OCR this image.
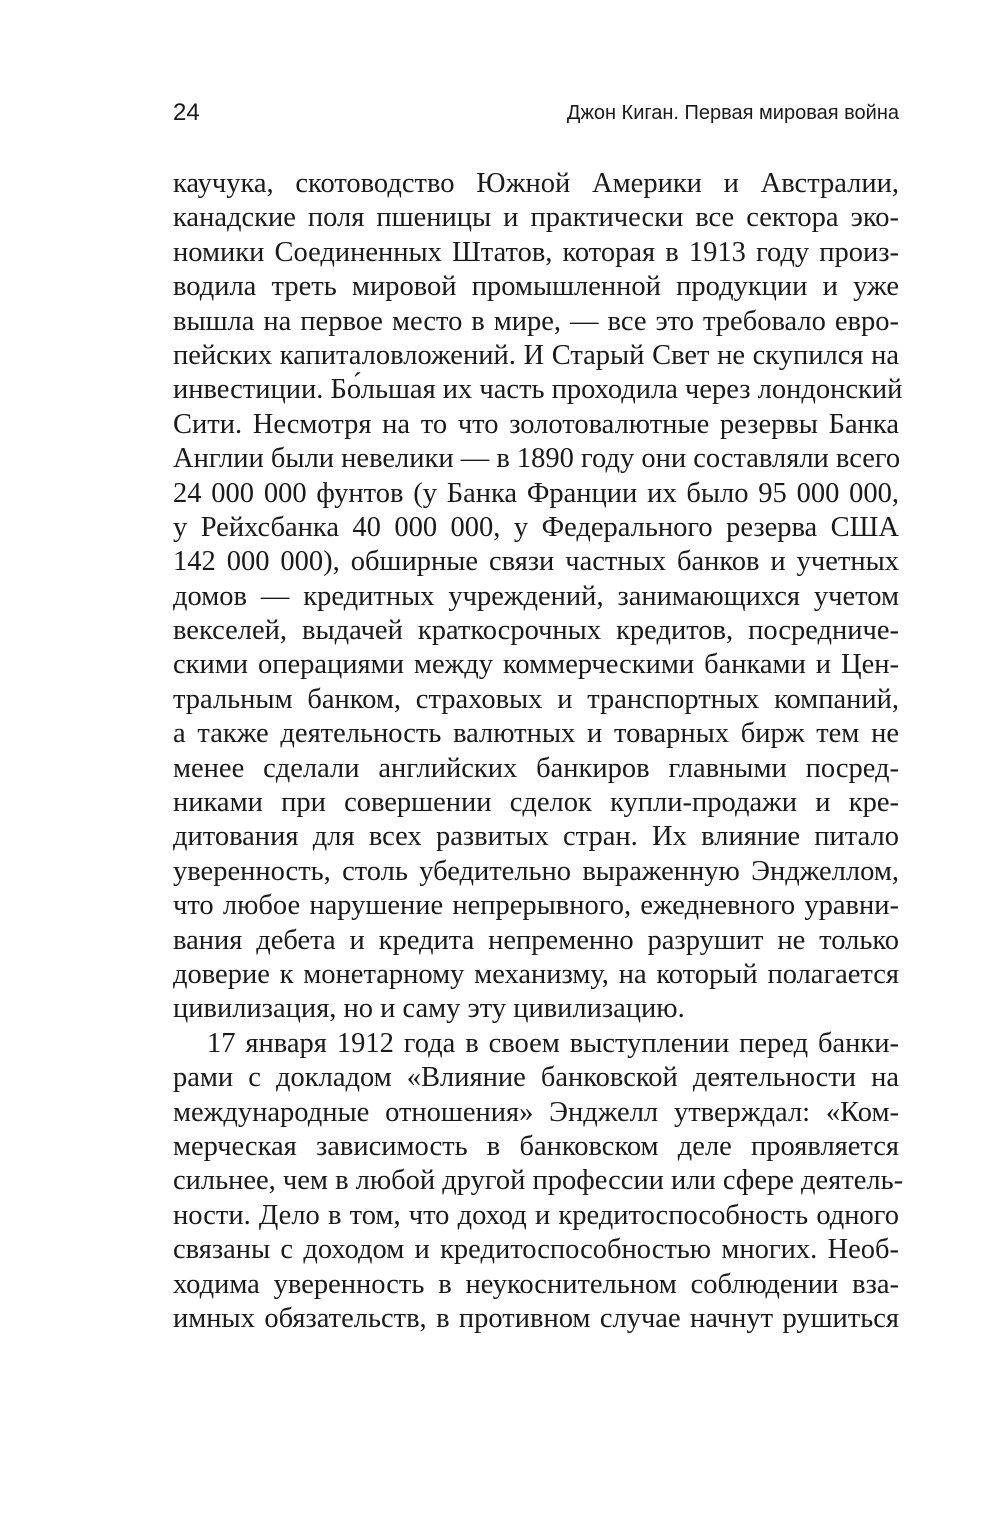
24	Джон Киган. Первая мировая война
каучука, скотоводство Южной Америки и Австралии,
канадские поля пшеницы и практически все сектора эко-
номики Соединенных Штатов, которая в 1913 году произ-
водила треть мировой промышленной продукции и уже
вышла на первое место в мире, — все это требовало евро-
пейских капиталовложений. И Старый Свет не скупился на
инвестиции. Бо́льшая их часть проходила через лондонский
Сити. Несмотря на то что золотовалютные резервы Банка
Англии были невелики — в 1890 году они составляли всего
24 000 000 фунтов (у Банка Франции их было 95 000 000,
у Рейхсбанка 40 000 000, у Федерального резерва США
142 000 000), обширные связи частных банков и учетных
домов — кредитных учреждений, занимающихся учетом
векселей, выдачей краткосрочных кредитов, посредниче-
скими операциями между коммерческими банками и Цен-
тральным банком, страховых и транспортных компаний,
а также деятельность валютных и товарных бирж тем не
менее сделали английских банкиров главными посред-
никами при совершении сделок купли-продажи и кре-
дитования для всех развитых стран. Их влияние питало
уверенность, столь убедительно выраженную Энджеллом,
что любое нарушение непрерывного, ежедневного уравни-
вания дебета и кредита непременно разрушит не только
доверие к монетарному механизму, на который полагается
цивилизация, но и саму эту цивилизацию.
17 января 1912 года в своем выступлении перед банки-
рами с докладом «Влияние банковской деятельности на
международные отношения» Энджелл утверждал: «Ком-
мерческая зависимость в банковском деле проявляется
сильнее, чем в любой другой профессии или сфере деятель-
ности. Дело в том, что доход и кредитоспособность одного
связаны с доходом и кредитоспособностью многих. Необ-
ходима уверенность в неукоснительном соблюдении вза-
имных обязательств, в противном случае начнут рушиться
